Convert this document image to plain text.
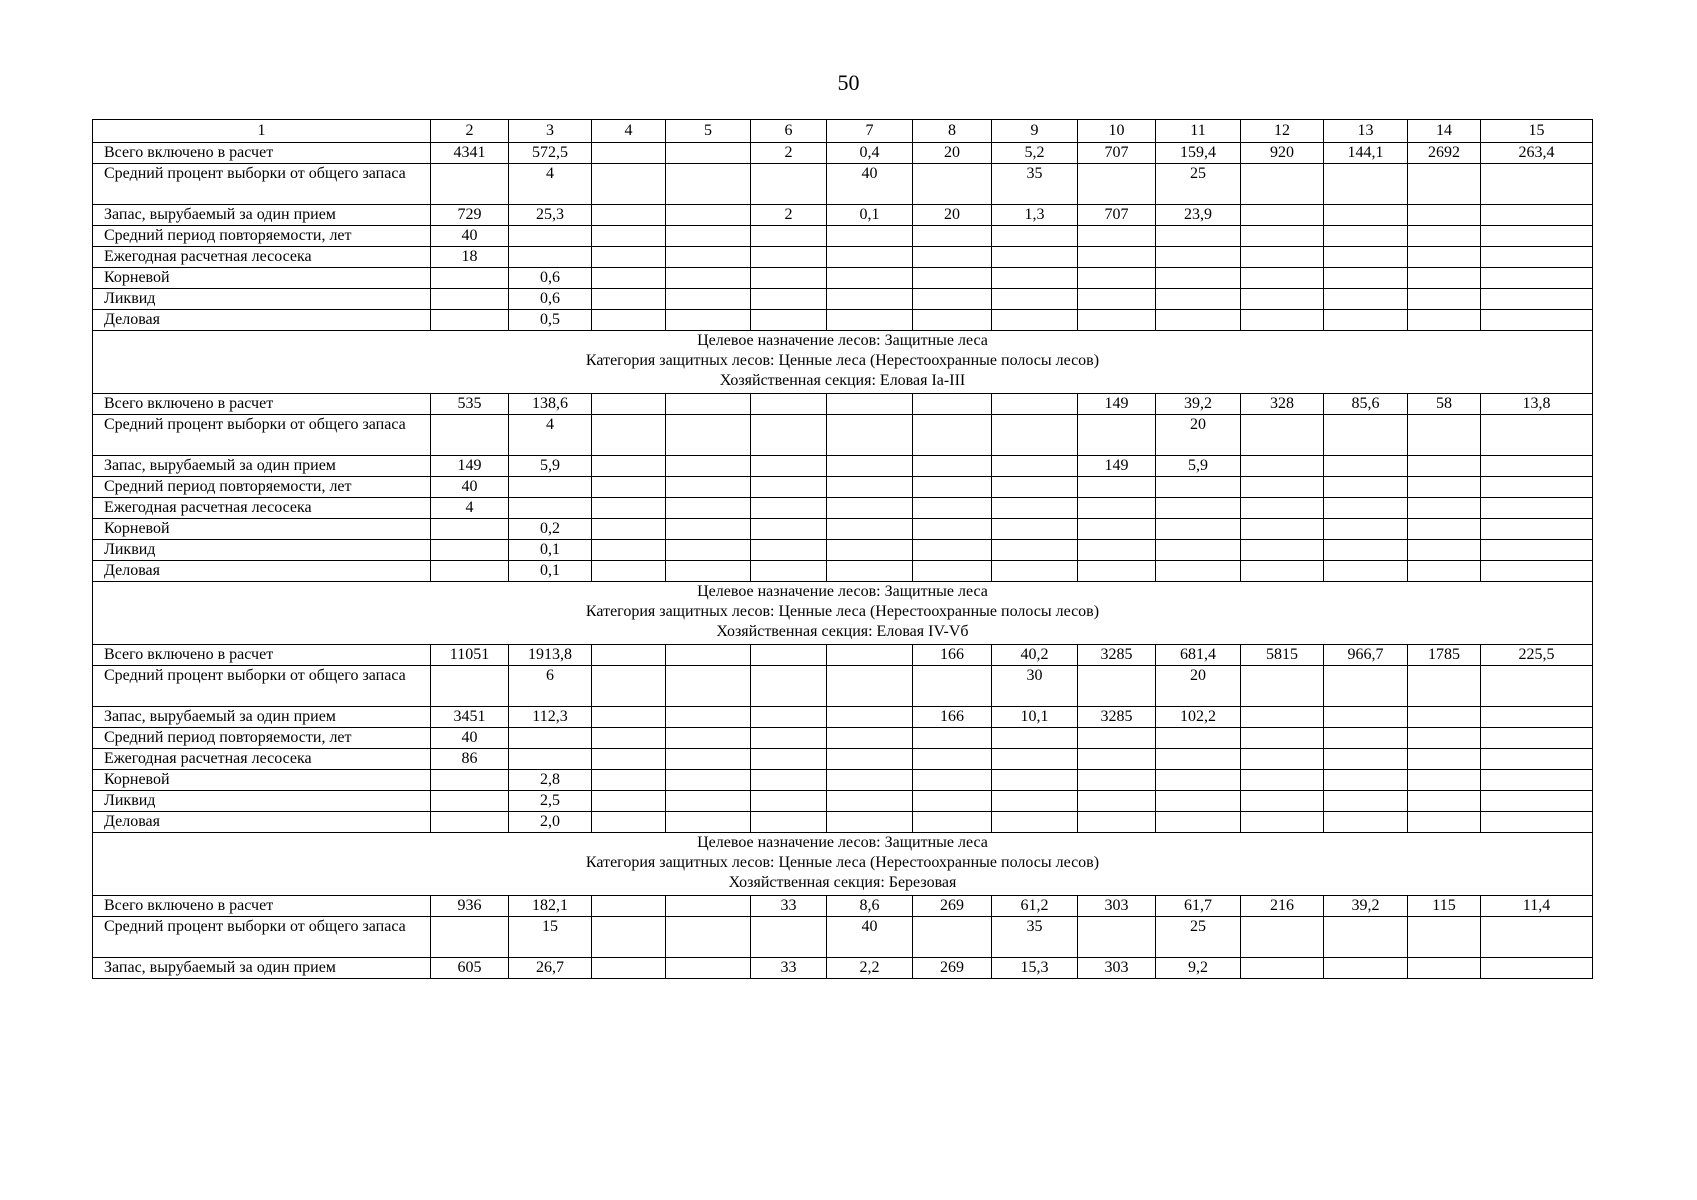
50
1	2	3	4	5	6	7	8	9	10	11	12	13	14	15
Всего включено в расчет	4341	572,5			2	0,4	20	5,2	707	159,4	920	144,1	2692	263,4
Средний процент выборки от общего запаса		4				40		35		25				
Запас, вырубаемый за один прием	729	25,3			2	0,1	20	1,3	707	23,9				
Средний период повторяемости, лет	40													
Ежегодная расчетная лесосека	18													
Корневой		0,6												
Ликвид		0,6												
Деловая		0,5												

Целевое назначение лесов: Защитные леса
Категория защитных лесов: Ценные леса (Нерестоохранные полосы лесов)
Хозяйственная секция: Еловая Iа-III														

Всего включено в расчет	535	138,6							149	39,2	328	85,6	58	13,8
Средний процент выборки от общего запаса		4								20				
Запас, вырубаемый за один прием	149	5,9							149	5,9				
Средний период повторяемости, лет	40													
Ежегодная расчетная лесосека	4													
Корневой		0,2												
Ликвид		0,1												
Деловая		0,1												

Целевое назначение лесов: Защитные леса
Категория защитных лесов: Ценные леса (Нерестоохранные полосы лесов)
Хозяйственная секция: Еловая IV-Vб														

Всего включено в расчет	11051	1913,8					166	40,2	3285	681,4	5815	966,7	1785	225,5
Средний процент выборки от общего запаса		6						30		20				
Запас, вырубаемый за один прием	3451	112,3					166	10,1	3285	102,2				
Средний период повторяемости, лет	40													
Ежегодная расчетная лесосека	86													
Корневой		2,8												
Ликвид		2,5												
Деловая		2,0												

Целевое назначение лесов: Защитные леса
Категория защитных лесов: Ценные леса (Нерестоохранные полосы лесов)
Хозяйственная секция: Березовая														

Всего включено в расчет	936	182,1			33	8,6	269	61,2	303	61,7	216	39,2	115	11,4
Средний процент выборки от общего запаса		15				40		35		25				
Запас, вырубаемый за один прием	605	26,7			33	2,2	269	15,3	303	9,2				
